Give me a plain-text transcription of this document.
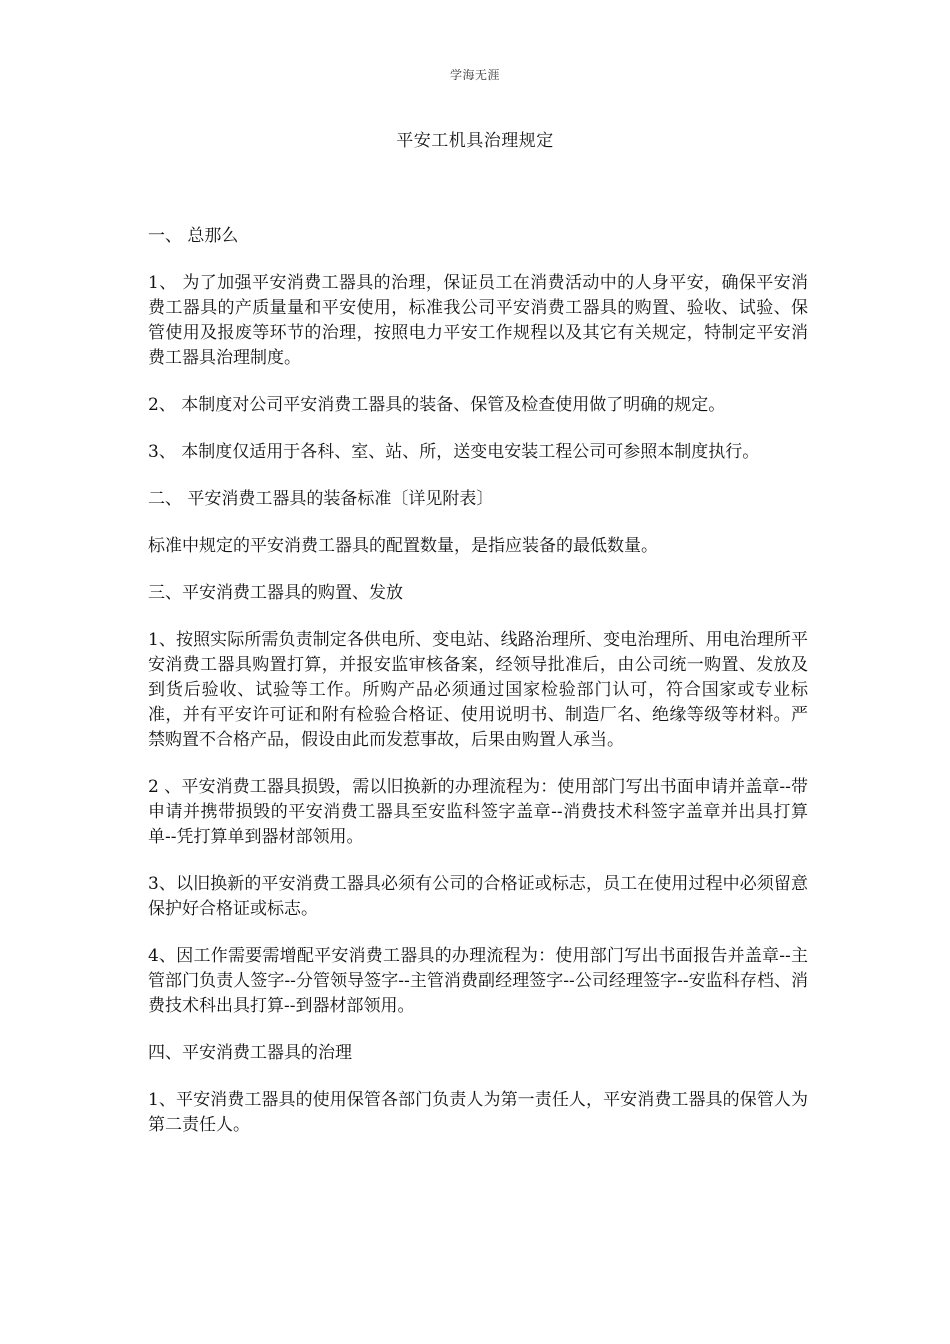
学海无涯
平安工机具治理规定

一、 总那么

1、 为了加强平安消费工器具的治理，保证员工在消费活动中的人身平安，确保平安消费工器具的产质量量和平安使用，标准我公司平安消费工器具的购置、验收、试验、保管使用及报废等环节的治理，按照电力平安工作规程以及其它有关规定，特制定平安消费工器具治理制度。

2、 本制度对公司平安消费工器具的装备、保管及检查使用做了明确的规定。

3、 本制度仅适用于各科、室、站、所，送变电安装工程公司可参照本制度执行。

二、 平安消费工器具的装备标准〔详见附表〕

标准中规定的平安消费工器具的配置数量，是指应装备的最低数量。

三、平安消费工器具的购置、发放

1、按照实际所需负责制定各供电所、变电站、线路治理所、变电治理所、用电治理所平安消费工器具购置打算，并报安监审核备案，经领导批准后，由公司统一购置、发放及到货后验收、试验等工作。所购产品必须通过国家检验部门认可，符合国家或专业标准，并有平安许可证和附有检验合格证、使用说明书、制造厂名、绝缘等级等材料。严禁购置不合格产品，假设由此而发惹事故，后果由购置人承当。

2 、平安消费工器具损毁，需以旧换新的办理流程为：使用部门写出书面申请并盖章--带申请并携带损毁的平安消费工器具至安监科签字盖章--消费技术科签字盖章并出具打算单--凭打算单到器材部领用。

3、以旧换新的平安消费工器具必须有公司的合格证或标志，员工在使用过程中必须留意保护好合格证或标志。

4、因工作需要需增配平安消费工器具的办理流程为：使用部门写出书面报告并盖章--主管部门负责人签字--分管领导签字--主管消费副经理签字--公司经理签字--安监科存档、消费技术科出具打算--到器材部领用。

四、平安消费工器具的治理

1、平安消费工器具的使用保管各部门负责人为第一责任人，平安消费工器具的保管人为第二责任人。
